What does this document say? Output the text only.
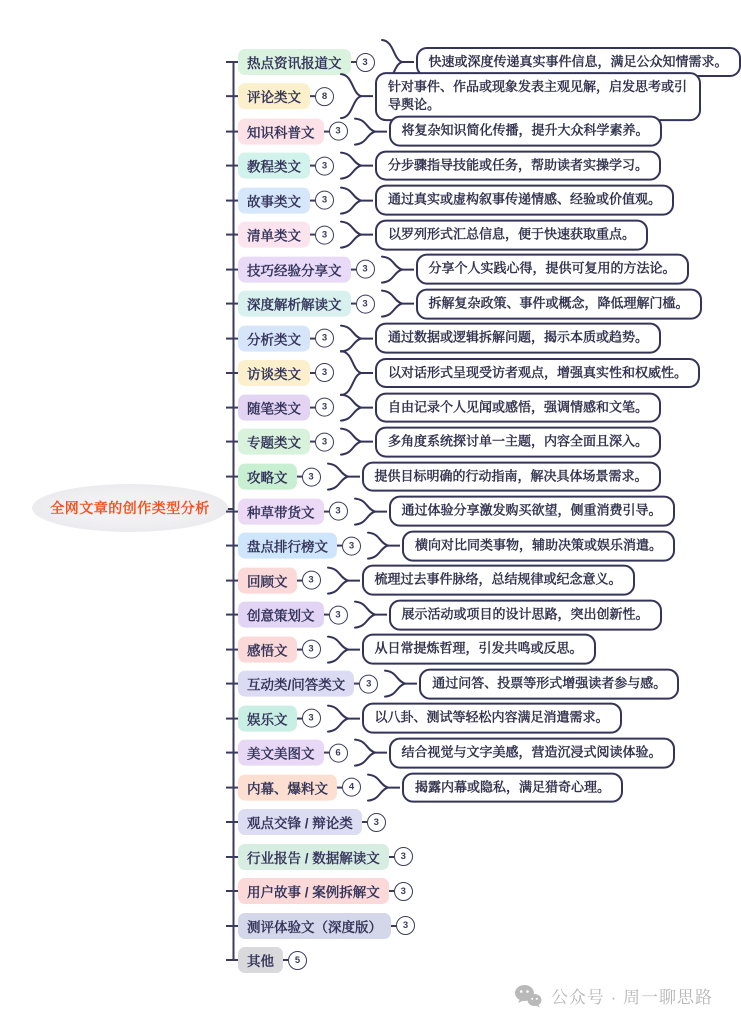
全网文章的创作类型分析
热点资讯报道文	3	快速或深度传递真实事件信息，满足公众知情需求。
评论类文	8
针对事件、作品或现象发表主观见解，启发思考或引导舆论。
知识科普文	3	将复杂知识简化传播，提升大众科学素养。
教程类文	3	分步骤指导技能或任务，帮助读者实操学习。
故事类文	3	通过真实或虚构叙事传递情感、经验或价值观。
清单类文	3	以罗列形式汇总信息，便于快速获取重点。
技巧经验分享文	3	分享个人实践心得，提供可复用的方法论。
深度解析解读文	3	拆解复杂政策、事件或概念，降低理解门槛。
分析类文	3	通过数据或逻辑拆解问题，揭示本质或趋势。
访谈类文	3	以对话形式呈现受访者观点，增强真实性和权威性。
随笔类文	3	自由记录个人见闻或感悟，强调情感和文笔。
专题类文	3	多角度系统探讨单一主题，内容全面且深入。
攻略文	3	提供目标明确的行动指南，解决具体场景需求。
种草带货文	3	通过体验分享激发购买欲望，侧重消费引导。
盘点排行榜文	3	横向对比同类事物，辅助决策或娱乐消遣。
回顾文	3	梳理过去事件脉络，总结规律或纪念意义。
创意策划文	3	展示活动或项目的设计思路，突出创新性。
感悟文	3	从日常提炼哲理，引发共鸣或反思。
互动类/问答类文	3	通过问答、投票等形式增强读者参与感。
娱乐文	3	以八卦、测试等轻松内容满足消遣需求。
美文美图文	6	结合视觉与文字美感，营造沉浸式阅读体验。
内幕、爆料文	4	揭露内幕或隐私，满足猎奇心理。
观点交锋 / 辩论类	3
行业报告 / 数据解读文	3
用户故事 / 案例拆解文	3
测评体验文（深度版）	3
其他	5
公众号 · 周一聊思路
